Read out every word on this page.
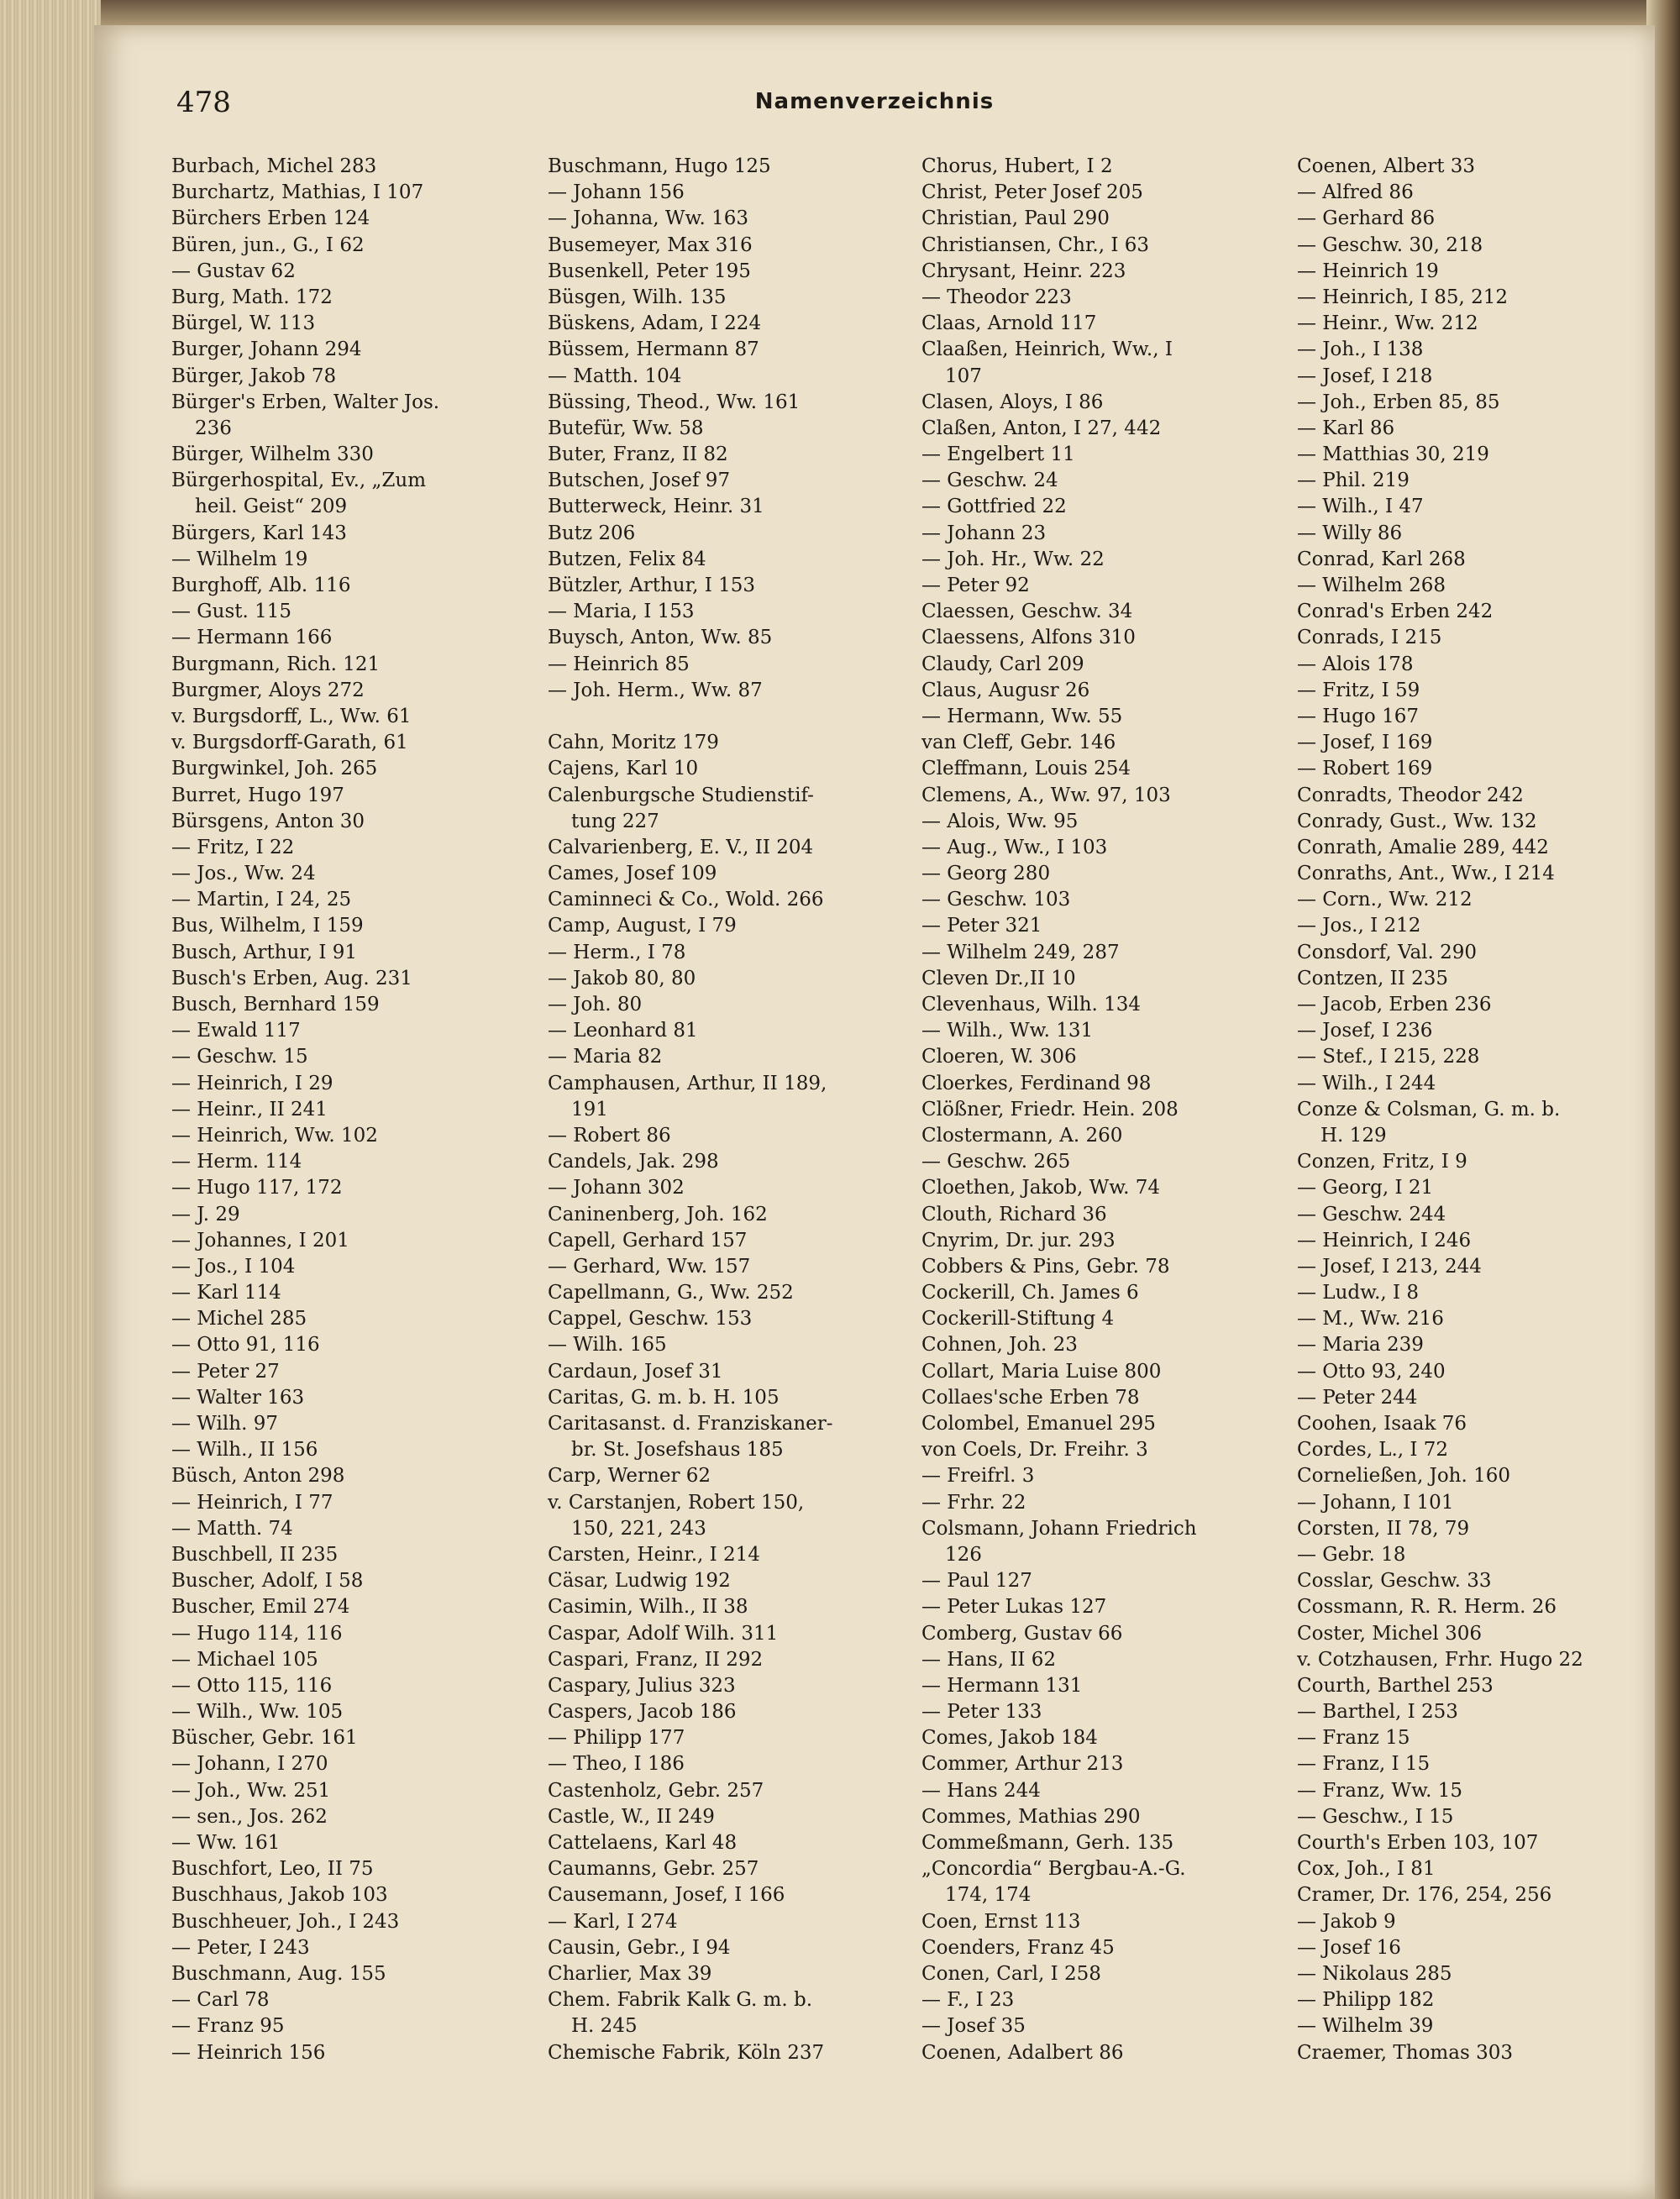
478	Namenverzeichnis
Burbach, Michel 283
Burchartz, Mathias, I 107
Bürchers Erben 124
Büren, jun., G., I 62
— Gustav 62
Burg, Math. 172
Bürgel, W. 113
Burger, Johann 294
Bürger, Jakob 78
Bürger's Erben, Walter Jos.
236
Bürger, Wilhelm 330
Bürgerhospital, Ev., „Zum
heil. Geist“ 209
Bürgers, Karl 143
— Wilhelm 19
Burghoff, Alb. 116
— Gust. 115
— Hermann 166
Burgmann, Rich. 121
Burgmer, Aloys 272
v. Burgsdorff, L., Ww. 61
v. Burgsdorff-Garath, 61
Burgwinkel, Joh. 265
Burret, Hugo 197
Bürsgens, Anton 30
— Fritz, I 22
— Jos., Ww. 24
— Martin, I 24, 25
Bus, Wilhelm, I 159
Busch, Arthur, I 91
Busch's Erben, Aug. 231
Busch, Bernhard 159
— Ewald 117
— Geschw. 15
— Heinrich, I 29
— Heinr., II 241
— Heinrich, Ww. 102
— Herm. 114
— Hugo 117, 172
— J. 29
— Johannes, I 201
— Jos., I 104
— Karl 114
— Michel 285
— Otto 91, 116
— Peter 27
— Walter 163
— Wilh. 97
— Wilh., II 156
Büsch, Anton 298
— Heinrich, I 77
— Matth. 74
Buschbell, II 235
Buscher, Adolf, I 58
Buscher, Emil 274
— Hugo 114, 116
— Michael 105
— Otto 115, 116
— Wilh., Ww. 105
Büscher, Gebr. 161
— Johann, I 270
— Joh., Ww. 251
— sen., Jos. 262
— Ww. 161
Buschfort, Leo, II 75
Buschhaus, Jakob 103
Buschheuer, Joh., I 243
— Peter, I 243
Buschmann, Aug. 155
— Carl 78
— Franz 95
— Heinrich 156
Buschmann, Hugo 125
— Johann 156
— Johanna, Ww. 163
Busemeyer, Max 316
Busenkell, Peter 195
Büsgen, Wilh. 135
Büskens, Adam, I 224
Büssem, Hermann 87
— Matth. 104
Büssing, Theod., Ww. 161
Butefür, Ww. 58
Buter, Franz, II 82
Butschen, Josef 97
Butterweck, Heinr. 31
Butz 206
Butzen, Felix 84
Bützler, Arthur, I 153
— Maria, I 153
Buysch, Anton, Ww. 85
— Heinrich 85
— Joh. Herm., Ww. 87
Cahn, Moritz 179
Cajens, Karl 10
Calenburgsche Studienstif-
tung 227
Calvarienberg, E. V., II 204
Cames, Josef 109
Caminneci & Co., Wold. 266
Camp, August, I 79
— Herm., I 78
— Jakob 80, 80
— Joh. 80
— Leonhard 81
— Maria 82
Camphausen, Arthur, II 189,
191
— Robert 86
Candels, Jak. 298
— Johann 302
Caninenberg, Joh. 162
Capell, Gerhard 157
— Gerhard, Ww. 157
Capellmann, G., Ww. 252
Cappel, Geschw. 153
— Wilh. 165
Cardaun, Josef 31
Caritas, G. m. b. H. 105
Caritasanst. d. Franziskaner-
br. St. Josefshaus 185
Carp, Werner 62
v. Carstanjen, Robert 150,
150, 221, 243
Carsten, Heinr., I 214
Cäsar, Ludwig 192
Casimin, Wilh., II 38
Caspar, Adolf Wilh. 311
Caspari, Franz, II 292
Caspary, Julius 323
Caspers, Jacob 186
— Philipp 177
— Theo, I 186
Castenholz, Gebr. 257
Castle, W., II 249
Cattelaens, Karl 48
Caumanns, Gebr. 257
Causemann, Josef, I 166
— Karl, I 274
Causin, Gebr., I 94
Charlier, Max 39
Chem. Fabrik Kalk G. m. b.
H. 245
Chemische Fabrik, Köln 237
Chorus, Hubert, I 2
Christ, Peter Josef 205
Christian, Paul 290
Christiansen, Chr., I 63
Chrysant, Heinr. 223
— Theodor 223
Claas, Arnold 117
Claaßen, Heinrich, Ww., I
107
Clasen, Aloys, I 86
Claßen, Anton, I 27, 442
— Engelbert 11
— Geschw. 24
— Gottfried 22
— Johann 23
— Joh. Hr., Ww. 22
— Peter 92
Claessen, Geschw. 34
Claessens, Alfons 310
Claudy, Carl 209
Claus, Augusr 26
— Hermann, Ww. 55
van Cleff, Gebr. 146
Cleffmann, Louis 254
Clemens, A., Ww. 97, 103
— Alois, Ww. 95
— Aug., Ww., I 103
— Georg 280
— Geschw. 103
— Peter 321
— Wilhelm 249, 287
Cleven Dr.,II 10
Clevenhaus, Wilh. 134
— Wilh., Ww. 131
Cloeren, W. 306
Cloerkes, Ferdinand 98
Clößner, Friedr. Hein. 208
Clostermann, A. 260
— Geschw. 265
Cloethen, Jakob, Ww. 74
Clouth, Richard 36
Cnyrim, Dr. jur. 293
Cobbers & Pins, Gebr. 78
Cockerill, Ch. James 6
Cockerill-Stiftung 4
Cohnen, Joh. 23
Collart, Maria Luise 800
Collaes'sche Erben 78
Colombel, Emanuel 295
von Coels, Dr. Freihr. 3
— Freifrl. 3
— Frhr. 22
Colsmann, Johann Friedrich
126
— Paul 127
— Peter Lukas 127
Comberg, Gustav 66
— Hans, II 62
— Hermann 131
— Peter 133
Comes, Jakob 184
Commer, Arthur 213
— Hans 244
Commes, Mathias 290
Commeßmann, Gerh. 135
„Concordia“ Bergbau-A.-G.
174, 174
Coen, Ernst 113
Coenders, Franz 45
Conen, Carl, I 258
— F., I 23
— Josef 35
Coenen, Adalbert 86
Coenen, Albert 33
— Alfred 86
— Gerhard 86
— Geschw. 30, 218
— Heinrich 19
— Heinrich, I 85, 212
— Heinr., Ww. 212
— Joh., I 138
— Josef, I 218
— Joh., Erben 85, 85
— Karl 86
— Matthias 30, 219
— Phil. 219
— Wilh., I 47
— Willy 86
Conrad, Karl 268
— Wilhelm 268
Conrad's Erben 242
Conrads, I 215
— Alois 178
— Fritz, I 59
— Hugo 167
— Josef, I 169
— Robert 169
Conradts, Theodor 242
Conrady, Gust., Ww. 132
Conrath, Amalie 289, 442
Conraths, Ant., Ww., I 214
— Corn., Ww. 212
— Jos., I 212
Consdorf, Val. 290
Contzen, II 235
— Jacob, Erben 236
— Josef, I 236
— Stef., I 215, 228
— Wilh., I 244
Conze & Colsman, G. m. b.
H. 129
Conzen, Fritz, I 9
— Georg, I 21
— Geschw. 244
— Heinrich, I 246
— Josef, I 213, 244
— Ludw., I 8
— M., Ww. 216
— Maria 239
— Otto 93, 240
— Peter 244
Coohen, Isaak 76
Cordes, L., I 72
Corneließen, Joh. 160
— Johann, I 101
Corsten, II 78, 79
— Gebr. 18
Cosslar, Geschw. 33
Cossmann, R. R. Herm. 26
Coster, Michel 306
v. Cotzhausen, Frhr. Hugo 22
Courth, Barthel 253
— Barthel, I 253
— Franz 15
— Franz, I 15
— Franz, Ww. 15
— Geschw., I 15
Courth's Erben 103, 107
Cox, Joh., I 81
Cramer, Dr. 176, 254, 256
— Jakob 9
— Josef 16
— Nikolaus 285
— Philipp 182
— Wilhelm 39
Craemer, Thomas 303
